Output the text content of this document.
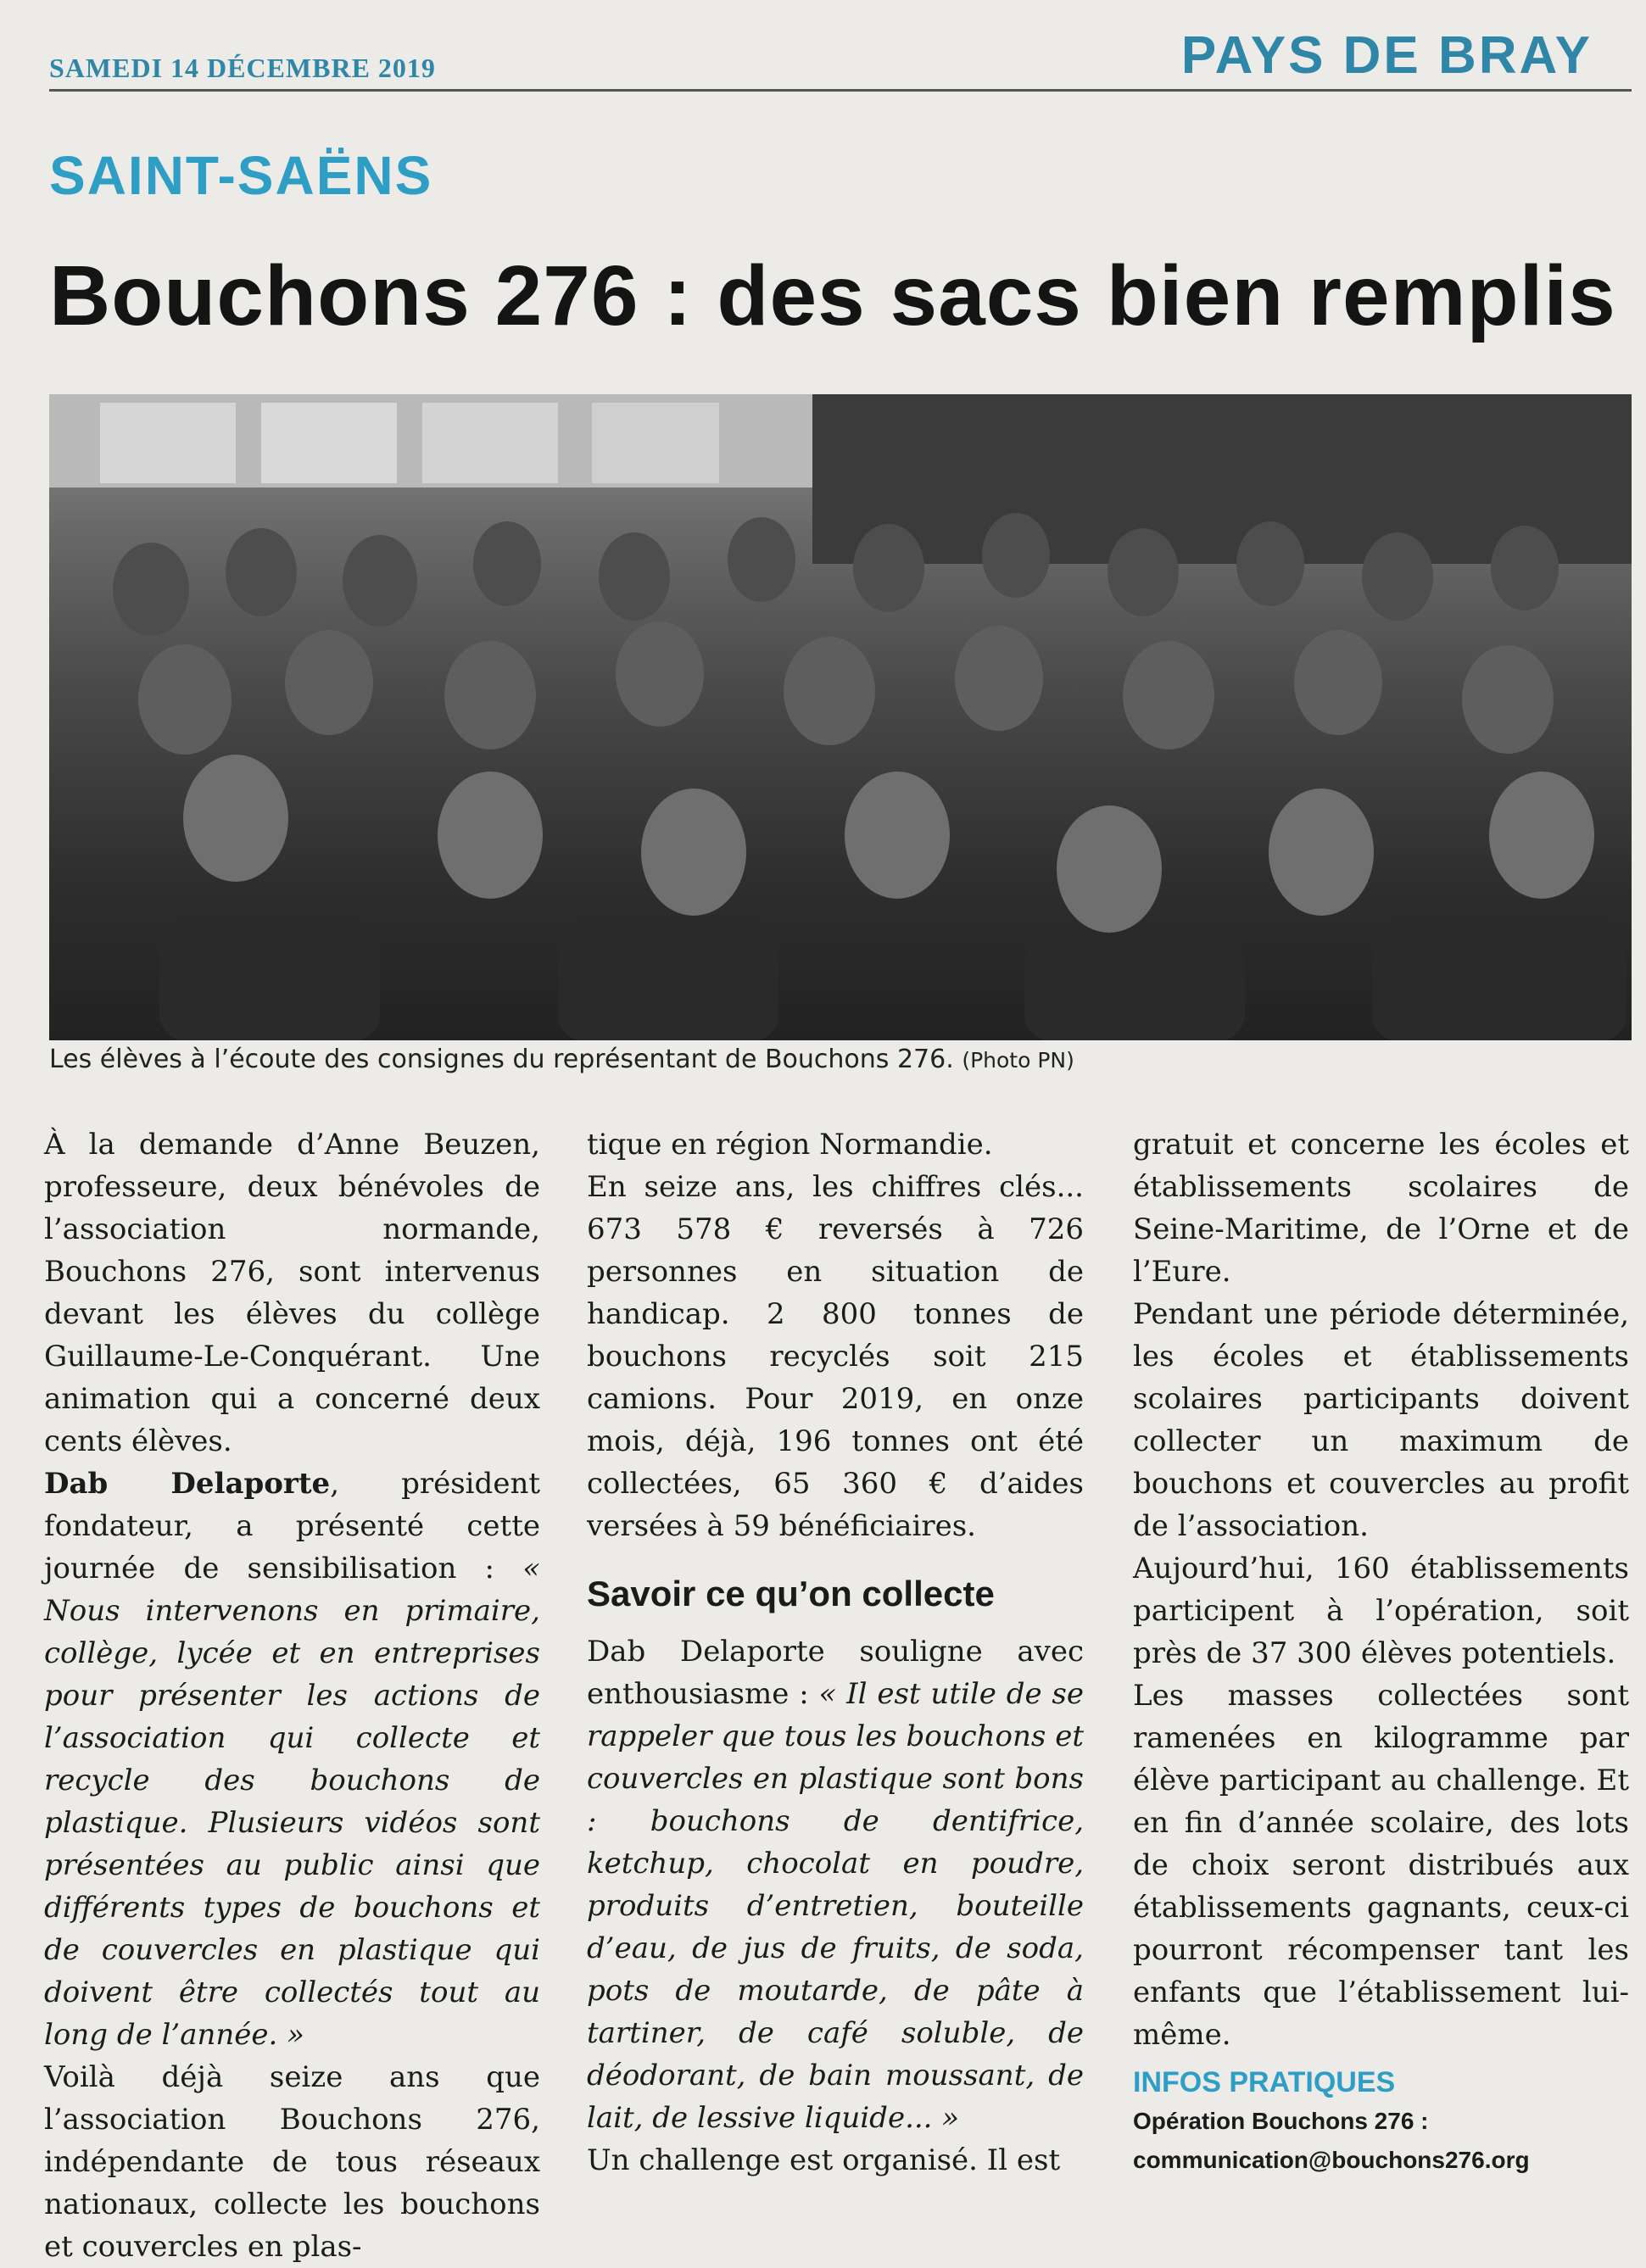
SAMEDI 14 DÉCEMBRE 2019	PAYS DE BRAY
SAINT-SAËNS
Bouchons 276 : des sacs bien remplis
Les élèves à l’écoute des consignes du représentant de Bouchons 276. (Photo PN)

À la demande d’Anne Beuzen, professeure, deux bénévoles de l’association normande, Bouchons 276, sont intervenus devant les élèves du collège Guillaume-Le-Conquérant. Une animation qui a concerné deux cents élèves.

Dab Delaporte, président fondateur, a présenté cette journée de sensibilisation : « Nous intervenons en primaire, collège, lycée et en entreprises pour présenter les actions de l’association qui collecte et recycle des bouchons de plastique. Plusieurs vidéos sont présentées au public ainsi que différents types de bouchons et de couvercles en plastique qui doivent être collectés tout au long de l’année. »

Voilà déjà seize ans que l’association Bouchons 276, indépendante de tous réseaux nationaux, collecte les bouchons et couvercles en plas-

tique en région Normandie.

En seize ans, les chiffres clés... 673 578 € reversés à 726 personnes en situation de handicap. 2 800 tonnes de bouchons recyclés soit 215 camions. Pour 2019, en onze mois, déjà, 196 tonnes ont été collectées, 65 360 € d’aides versées à 59 bénéficiaires.

Savoir ce qu’on collecte

Dab Delaporte souligne avec enthousiasme : « Il est utile de se rappeler que tous les bouchons et couvercles en plastique sont bons : bouchons de dentifrice, ketchup, chocolat en poudre, produits d’entretien, bouteille d’eau, de jus de fruits, de soda, pots de moutarde, de pâte à tartiner, de café soluble, de déodorant, de bain moussant, de lait, de lessive liquide... »

Un challenge est organisé. Il est

gratuit et concerne les écoles et établissements scolaires de Seine-Maritime, de l’Orne et de l’Eure.

Pendant une période déterminée, les écoles et établissements scolaires participants doivent collecter un maximum de bouchons et couvercles au profit de l’association.

Aujourd’hui, 160 établissements participent à l’opération, soit près de 37 300 élèves potentiels.

Les masses collectées sont ramenées en kilogramme par élève participant au challenge. Et en fin d’année scolaire, des lots de choix seront distribués aux établissements gagnants, ceux-ci pourront récompenser tant les enfants que l’établissement lui-même.

INFOS PRATIQUES
Opération Bouchons 276 : communication@bouchons276.org
